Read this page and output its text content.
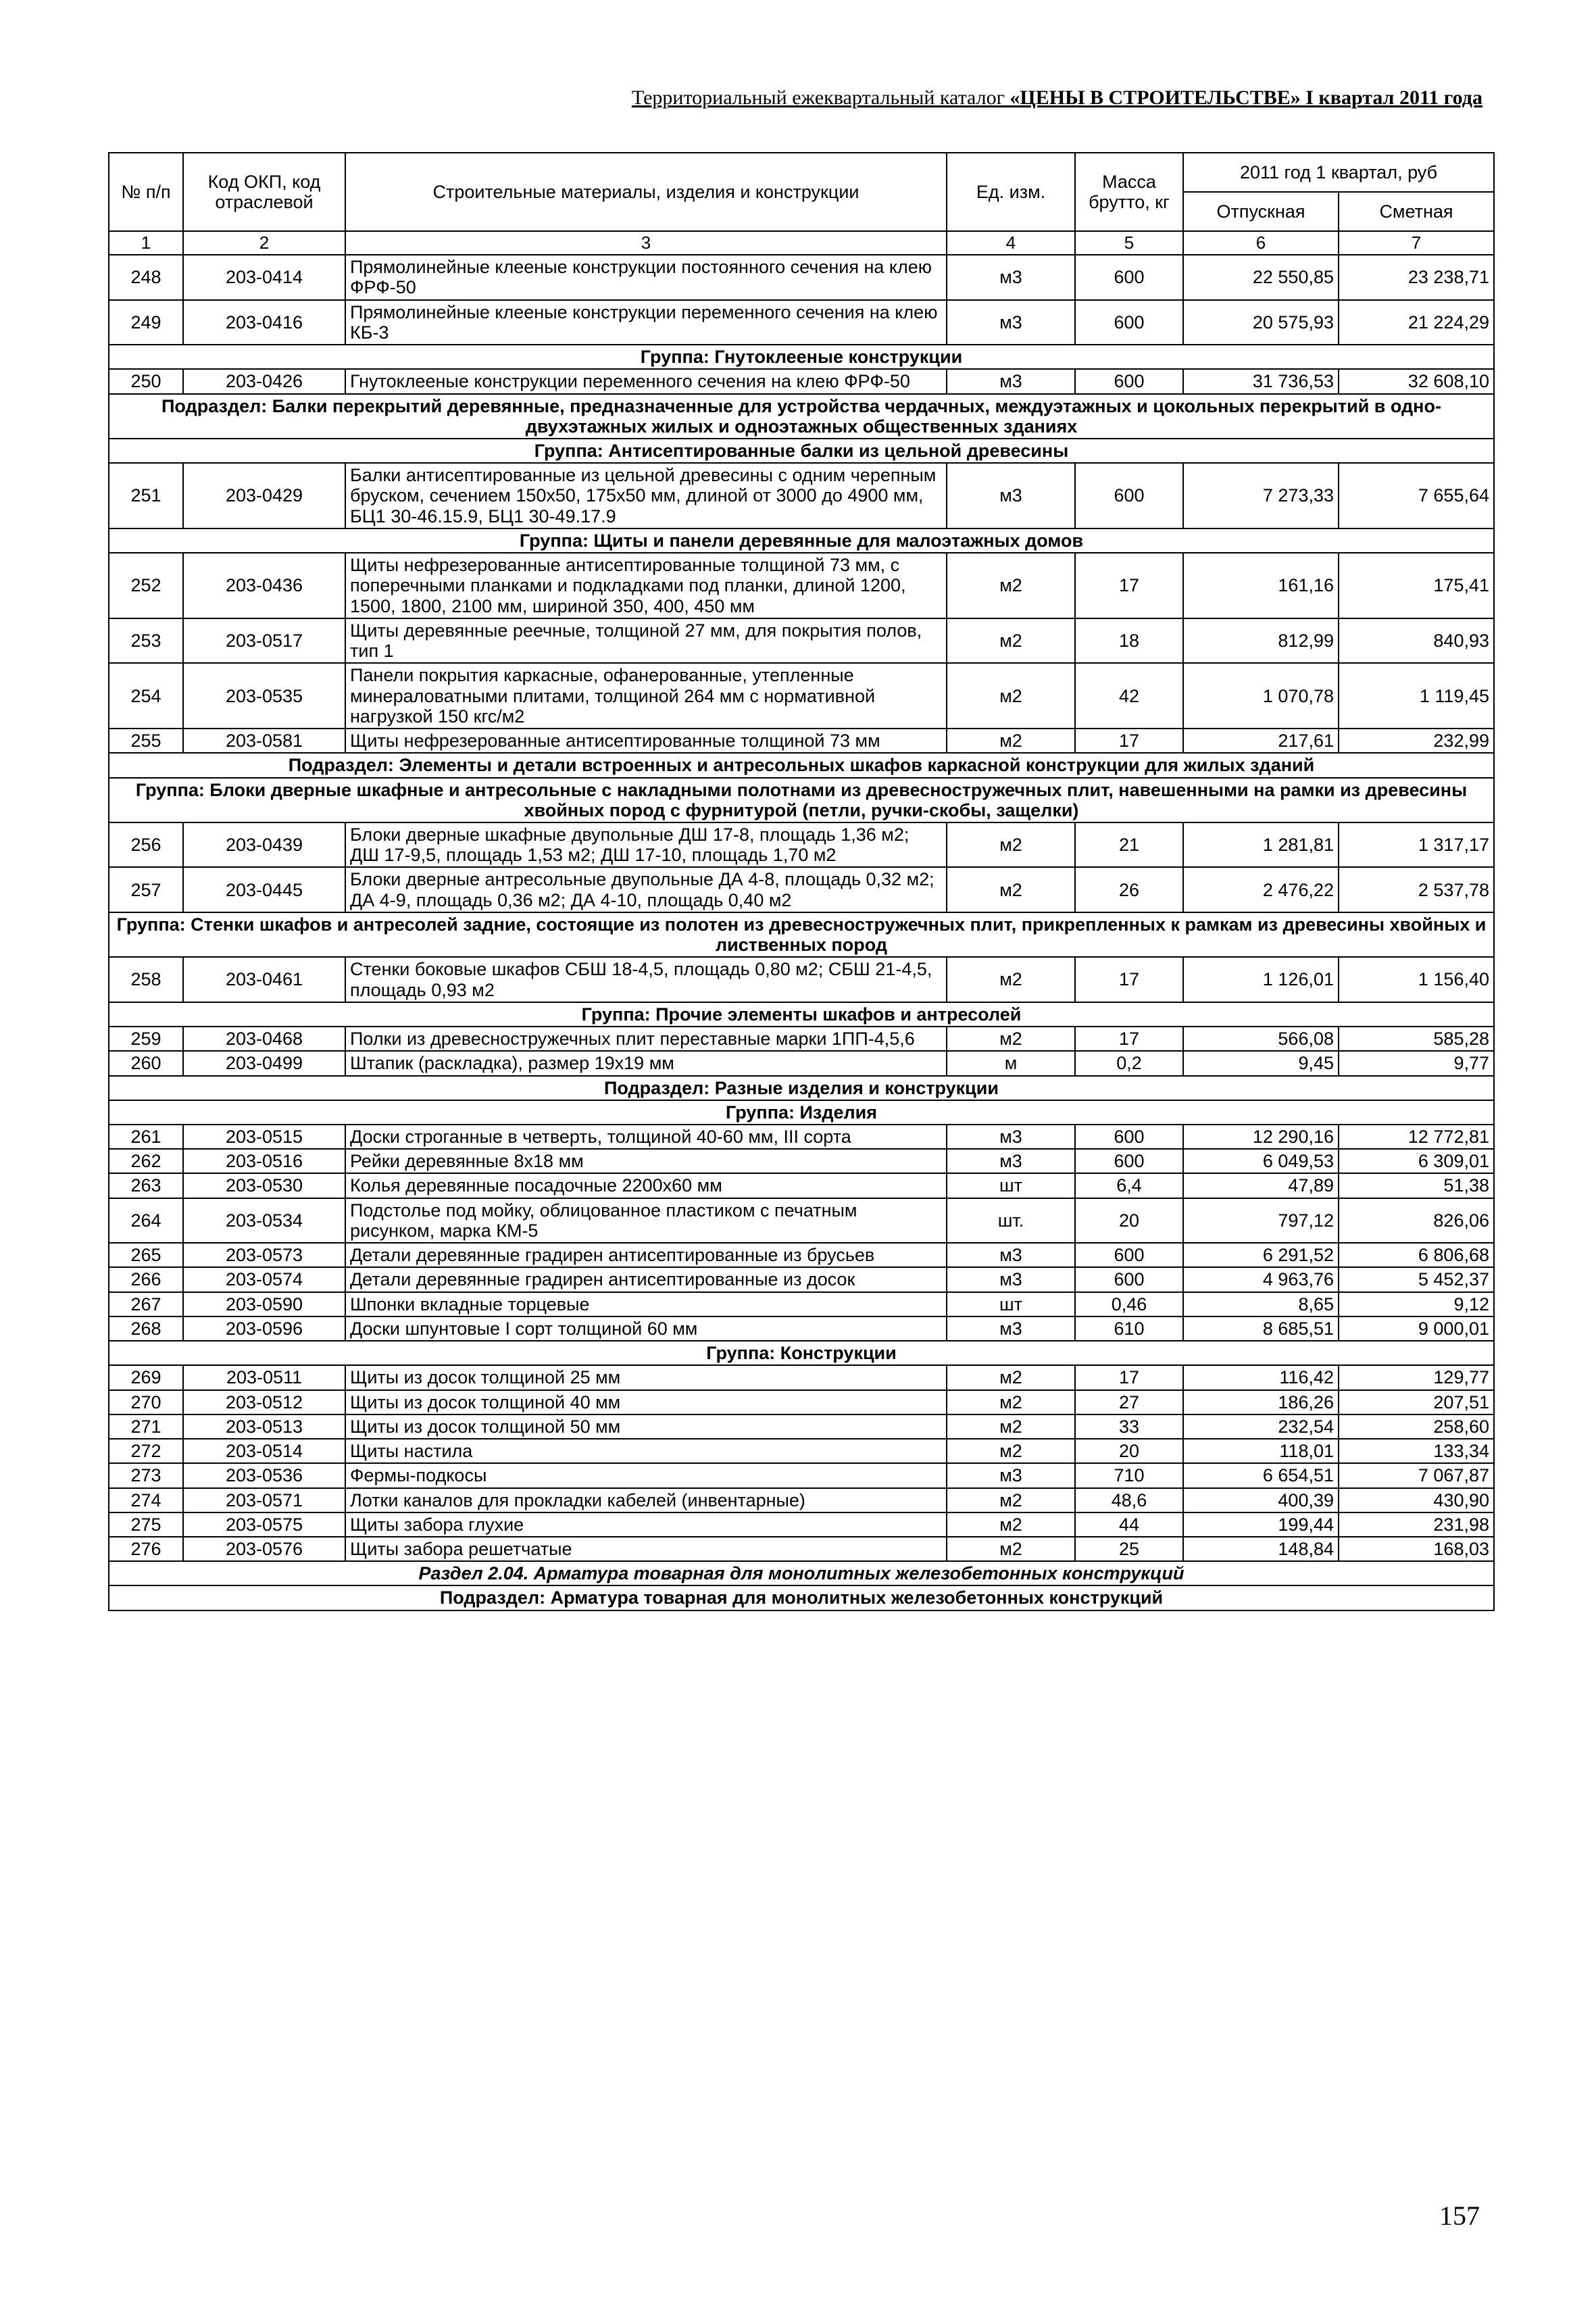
Территориальный ежеквартальный каталог «ЦЕНЫ В СТРОИТЕЛЬСТВЕ» I квартал 2011 года
№ п/п	Код ОКП, код отраслевой	Строительные материалы, изделия и конструкции	Ед. изм.	Масса брутто, кг	2011 год 1 квартал, руб	
					Отпускная	Сметная
1	2	3	4	5	6	7
248	203-0414	Прямолинейные клееные конструкции постоянного сечения на клею ФРФ-50	м3	600	22 550,85	23 238,71
249	203-0416	Прямолинейные клееные конструкции переменного сечения на клею КБ-3	м3	600	20 575,93	21 224,29
Группа: Гнутоклееные конструкции						
250	203-0426	Гнутоклееные конструкции переменного сечения на клею ФРФ-50	м3	600	31 736,53	32 608,10
Подраздел: Балки перекрытий деревянные, предназначенные для устройства чердачных, междуэтажных и цокольных перекрытий в одно- двухэтажных жилых и одноэтажных общественных зданиях						
Группа: Антисептированные балки из цельной древесины						
251	203-0429	Балки антисептированные из цельной древесины с одним черепным бруском, сечением 150х50, 175х50 мм, длиной от 3000 до 4900 мм, БЦ1 30-46.15.9, БЦ1 30-49.17.9	м3	600	7 273,33	7 655,64
Группа: Щиты и панели деревянные для малоэтажных домов						
252	203-0436	Щиты нефрезерованные антисептированные толщиной 73 мм, с поперечными планками и подкладками под планки, длиной 1200, 1500, 1800, 2100 мм, шириной 350, 400, 450 мм	м2	17	161,16	175,41
253	203-0517	Щиты деревянные реечные, толщиной 27 мм, для покрытия полов, тип 1	м2	18	812,99	840,93
254	203-0535	Панели покрытия каркасные, офанерованные, утепленные минераловатными плитами, толщиной 264 мм с нормативной нагрузкой 150 кгс/м2	м2	42	1 070,78	1 119,45
255	203-0581	Щиты нефрезерованные антисептированные толщиной 73 мм	м2	17	217,61	232,99
Подраздел: Элементы и детали встроенных и антресольных шкафов каркасной конструкции для жилых зданий						
Группа: Блоки дверные шкафные и антресольные с накладными полотнами из древесностружечных плит, навешенными на рамки из древесины хвойных пород с фурнитурой (петли, ручки-скобы, защелки)						
256	203-0439	Блоки дверные шкафные двупольные ДШ 17-8, площадь 1,36 м2; ДШ 17-9,5, площадь 1,53 м2; ДШ 17-10, площадь 1,70 м2	м2	21	1 281,81	1 317,17
257	203-0445	Блоки дверные антресольные двупольные ДА 4-8, площадь 0,32 м2; ДА 4-9, площадь 0,36 м2; ДА 4-10, площадь 0,40 м2	м2	26	2 476,22	2 537,78
Группа: Стенки шкафов и антресолей задние, состоящие из полотен из древесностружечных плит, прикрепленных к рамкам из древесины хвойных и лиственных пород						
258	203-0461	Стенки боковые шкафов СБШ 18-4,5, площадь 0,80 м2; СБШ 21-4,5, площадь 0,93 м2	м2	17	1 126,01	1 156,40
Группа: Прочие элементы шкафов и антресолей						
259	203-0468	Полки из древесностружечных плит переставные марки 1ПП-4,5,6	м2	17	566,08	585,28
260	203-0499	Штапик (раскладка), размер 19х19 мм	м	0,2	9,45	9,77
Подраздел: Разные изделия и конструкции						
Группа: Изделия						
261	203-0515	Доски строганные в четверть, толщиной 40-60 мм, III сорта	м3	600	12 290,16	12 772,81
262	203-0516	Рейки деревянные 8х18 мм	м3	600	6 049,53	6 309,01
263	203-0530	Колья деревянные посадочные 2200х60 мм	шт	6,4	47,89	51,38
264	203-0534	Подстолье под мойку, облицованное пластиком с печатным рисунком, марка КМ-5	шт.	20	797,12	826,06
265	203-0573	Детали деревянные градирен антисептированные из брусьев	м3	600	6 291,52	6 806,68
266	203-0574	Детали деревянные градирен антисептированные из досок	м3	600	4 963,76	5 452,37
267	203-0590	Шпонки вкладные торцевые	шт	0,46	8,65	9,12
268	203-0596	Доски шпунтовые I сорт толщиной 60 мм	м3	610	8 685,51	9 000,01
Группа: Конструкции						
269	203-0511	Щиты из досок толщиной 25 мм	м2	17	116,42	129,77
270	203-0512	Щиты из досок толщиной 40 мм	м2	27	186,26	207,51
271	203-0513	Щиты из досок толщиной 50 мм	м2	33	232,54	258,60
272	203-0514	Щиты настила	м2	20	118,01	133,34
273	203-0536	Фермы-подкосы	м3	710	6 654,51	7 067,87
274	203-0571	Лотки каналов для прокладки кабелей (инвентарные)	м2	48,6	400,39	430,90
275	203-0575	Щиты забора глухие	м2	44	199,44	231,98
276	203-0576	Щиты забора решетчатые	м2	25	148,84	168,03
Раздел 2.04. Арматура товарная для монолитных железобетонных конструкций						
Подраздел: Арматура товарная для монолитных железобетонных конструкций						
157
